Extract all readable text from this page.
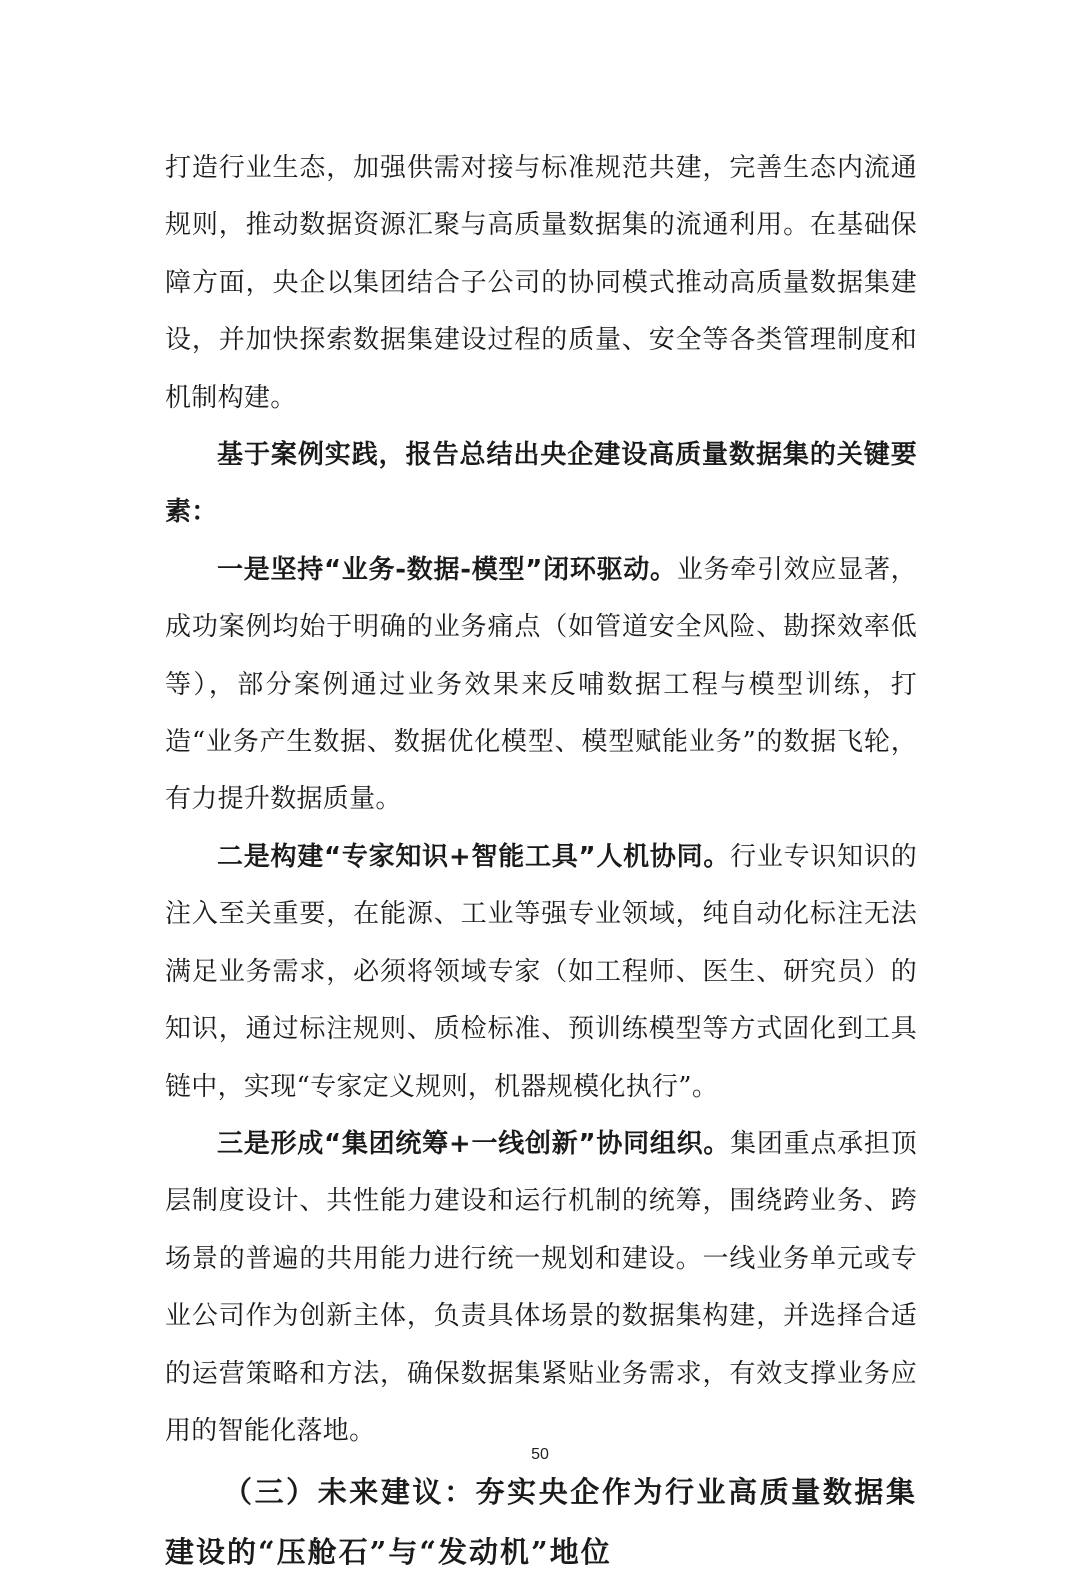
打造行业生态，加强供需对接与标准规范共建，完善生态内流通规则，推动数据资源汇聚与高质量数据集的流通利用。在基础保障方面，央企以集团结合子公司的协同模式推动高质量数据集建设，并加快探索数据集建设过程的质量、安全等各类管理制度和机制构建。

基于案例实践，报告总结出央企建设高质量数据集的关键要素：

一是坚持“业务-数据-模型”闭环驱动。业务牵引效应显著，成功案例均始于明确的业务痛点（如管道安全风险、勘探效率低等），部分案例通过业务效果来反哺数据工程与模型训练，打造“业务产生数据、数据优化模型、模型赋能业务”的数据飞轮，有力提升数据质量。

二是构建“专家知识+智能工具”人机协同。行业专识知识的注入至关重要，在能源、工业等强专业领域，纯自动化标注无法满足业务需求，必须将领域专家（如工程师、医生、研究员）的知识，通过标注规则、质检标准、预训练模型等方式固化到工具链中，实现“专家定义规则，机器规模化执行”。

三是形成“集团统筹+一线创新”协同组织。集团重点承担顶层制度设计、共性能力建设和运行机制的统筹，围绕跨业务、跨场景的普遍的共用能力进行统一规划和建设。一线业务单元或专业公司作为创新主体，负责具体场景的数据集构建，并选择合适的运营策略和方法，确保数据集紧贴业务需求，有效支撑业务应用的智能化落地。

（三）未来建议：夯实央企作为行业高质量数据集建设的“压舱石”与“发动机”地位
50
